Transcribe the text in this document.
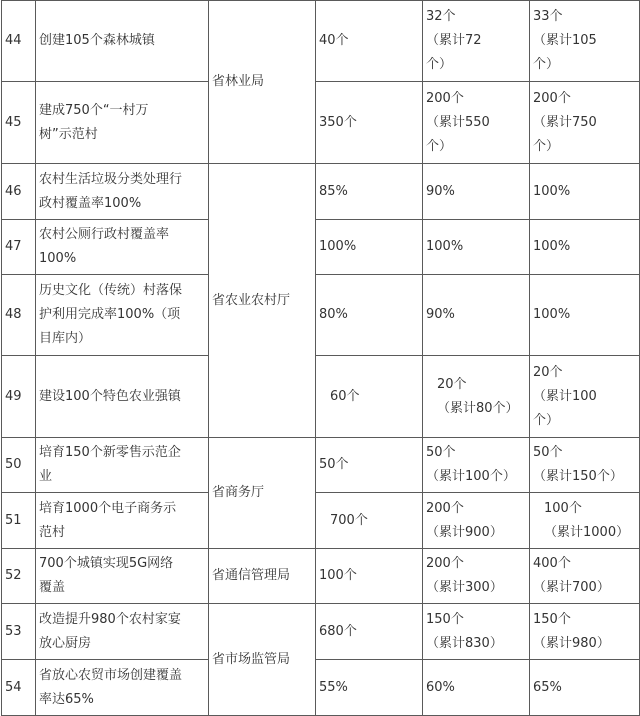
44	创建105个森林城镇	省林业局	40个	32个
（累计72
个）	33个
（累计105
个）
45	建成750个“一村万
树”示范村		350个	200个
（累计550
个）	200个
（累计750
个）
46	农村生活垃圾分类处理行
政村覆盖率100%	省农业农村厅	85%	90%	100%
47	农村公厕行政村覆盖率
100%		100%	100%	100%
48	历史文化（传统）村落保
护利用完成率100%（项
目库内）		80%	90%	100%
49	建设100个特色农业强镇		60个	20个
（累计80个）	20个
（累计100
个）
50	培育150个新零售示范企
业	省商务厅	50个	50个
（累计100个）	50个
（累计150个）
51	培育1000个电子商务示
范村		700个	200个
（累计900）	100个
（累计1000）
52	700个城镇实现5G网络
覆盖	省通信管理局	100个	200个
（累计300）	400个
（累计700）
53	改造提升980个农村家宴
放心厨房	省市场监管局	680个	150个
（累计830）	150个
（累计980）
54	省放心农贸市场创建覆盖
率达65%		55%	60%	65%
